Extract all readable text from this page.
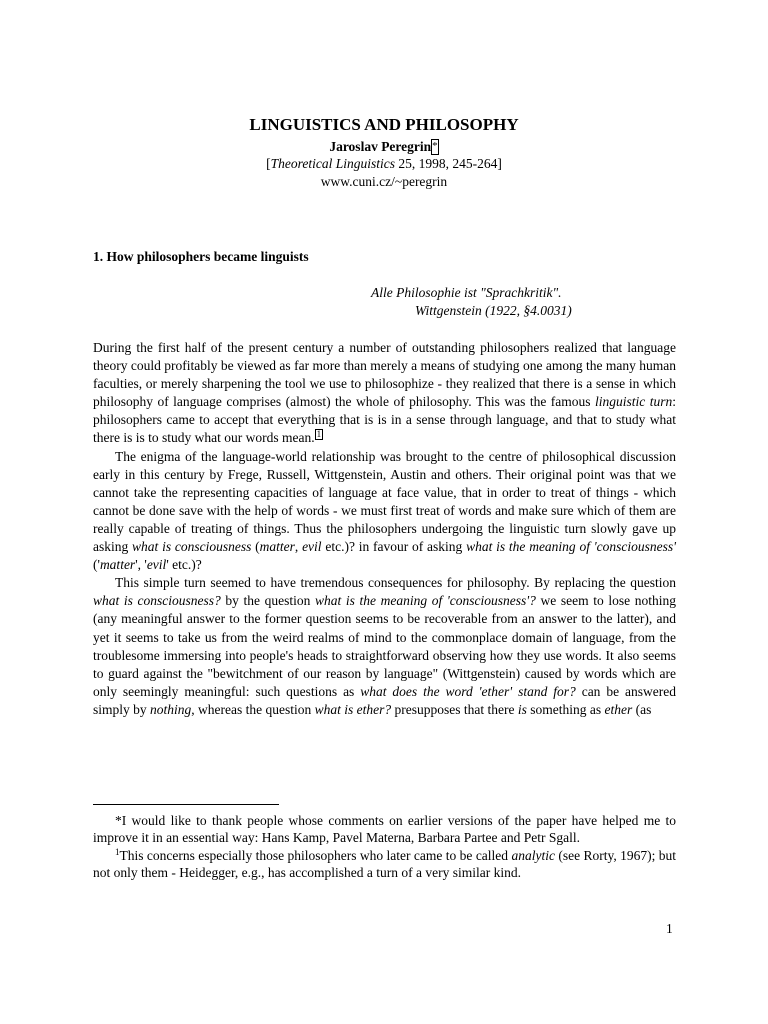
LINGUISTICS AND PHILOSOPHY
Jaroslav Peregrin*
[Theoretical Linguistics 25, 1998, 245-264]
www.cuni.cz/~peregrin
1. How philosophers became linguists
Alle Philosophie ist "Sprachkritik".
Wittgenstein (1922, §4.0031)

During the first half of the present century a number of outstanding philosophers realized that language theory could profitably be viewed as far more than merely a means of studying one among the many human faculties, or merely sharpening the tool we use to philosophize - they realized that there is a sense in which philosophy of language comprises (almost) the whole of philosophy. This was the famous linguistic turn: philosophers came to accept that everything that is is in a sense through language, and that to study what there is is to study what our words mean. 1

The enigma of the language-world relationship was brought to the centre of philosophical discussion early in this century by Frege, Russell, Wittgenstein, Austin and others. Their original point was that we cannot take the representing capacities of language at face value, that in order to treat of things - which cannot be done save with the help of words - we must first treat of words and make sure which of them are really capable of treating of things. Thus the philosophers undergoing the linguistic turn slowly gave up asking what is consciousness (matter, evil etc.)? in favour of asking what is the meaning of 'consciousness' ('matter', 'evil' etc.)?

This simple turn seemed to have tremendous consequences for philosophy. By replacing the question what is consciousness? by the question what is the meaning of 'consciousness'? we seem to lose nothing (any meaningful answer to the former question seems to be recoverable from an answer to the latter), and yet it seems to take us from the weird realms of mind to the commonplace domain of language, from the troublesome immersing into people's heads to straightforward observing how they use words. It also seems to guard against the "bewitchment of our reason by language" (Wittgenstein) caused by words which are only seemingly meaningful: such questions as what does the word 'ether' stand for? can be answered simply by nothing, whereas the question what is ether? presupposes that there is something as ether (as

*I would like to thank people whose comments on earlier versions of the paper have helped me to improve it in an essential way: Hans Kamp, Pavel Materna, Barbara Partee and Petr Sgall.

$^1$This concerns especially those philosophers who later came to be called analytic (see Rorty, 1967); but not only them - Heidegger, e.g., has accomplished a turn of a very similar kind.

1
